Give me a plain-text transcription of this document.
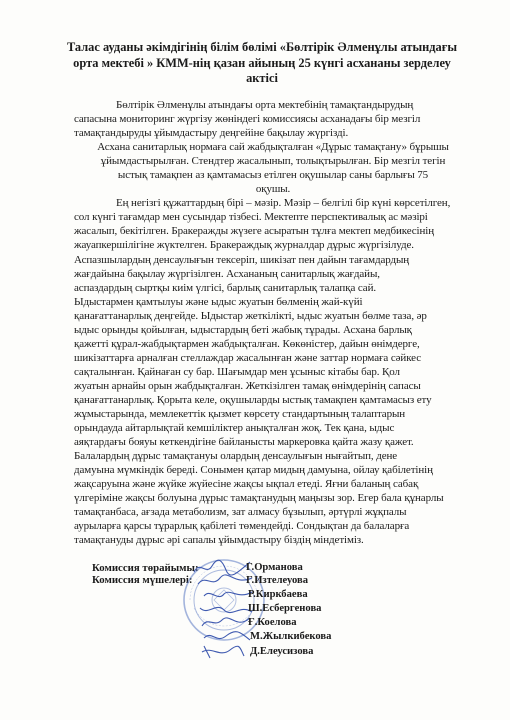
Талас ауданы әкімдігінің білім бөлімі «Бөлтірік Әлменұлы атындағы
орта мектебі » КММ-нің қазан айының 25 күнгі асхананы зерделеу
актісі

Бөлтірік Әлменұлы атындағы орта мектебінің тамақтандырудың
сапасына мониторинг жүргізу жөніндегі комиссиясы асханадағы бір мезгіл
тамақтандыруды ұйымдастыру деңгейіне бақылау жүргізді.

Асхана санитарлық нормаға сай жабдықталған «Дұрыс тамақтану» бұрышы
ұйымдастырылған. Стендтер жасалынып, толықтырылған. Бір мезгіл тегін
ыстық тамақпен аз қамтамасыз етілген оқушылар саны барлығы 75
оқушы.

Ең негізгі құжаттардың бірі – мәзір. Мәзір – белгілі бір күні көрсетілген,
сол күнгі тағамдар мен сусындар тізбесі. Мектепте перспективалық ас мәзірі
жасалып, бекітілген. Бракеражды жүзеге асыратын тұлға мектеп медбикесінің
жауапкершілігіне жүктелген. Бракераждық журналдар дұрыс жүргізілуде.
Аспазшылардың денсаулығын тексеріп, шикізат пен дайын тағамдардың
жағдайына бақылау жүргізілген. Асхананың санитарлық жағдайы,
аспаздардың сыртқы киім үлгісі, барлық санитарлық талапқа сай.
Ыдыстармен қамтылуы және ыдыс жуатын бөлменің жай-күйі
қанағаттанарлық деңгейде. Ыдыстар жеткілікті, ыдыс жуатын бөлме таза, әр
ыдыс орынды қойылған, ыдыстардың беті жабық тұрады. Асхана барлық
қажетті құрал-жабдықтармен жабдықталған. Көкөністер, дайын өнімдерге,
шикізаттарға арналған стеллаждар жасалынған және заттар нормаға сәйкес
сақталынған. Қайнаған су бар. Шағымдар мен ұсыныс кітабы бар. Қол
жуатын арнайы орын жабдықталған. Жеткізілген тамақ өнімдерінің сапасы
қанағаттанарлық. Қорыта келе, оқушыларды ыстық тамақпен қамтамасыз ету
жұмыстарында, мемлекеттік қызмет көрсету стандартының талаптарын
орындауда айтарлықтай кемшіліктер анықталған жоқ. Тек қана, ыдыс
аяқтардағы бояуы кеткендігіне байланысты маркеровка қайта жазу қажет.
Балалардың дұрыс тамақтануы олардың денсаулығын нығайтып, дене
дамуына мүмкіндік береді. Сонымен қатар мидың дамуына, ойлау қабілетінің
жақсаруына және жүйке жүйесіне жақсы ықпал етеді. Яғни баланың сабақ
үлгеріміне жақсы болуына дұрыс тамақтанудың маңызы зор. Егер бала құнарлы
тамақтанбаса, ағзада метаболизм, зат алмасу бұзылып, әртүрлі жұқпалы
аурыларға қарсы тұрарлық қабілеті төмендейді. Сондықтан да балаларға
тамақтануды дұрыс әрі сапалы ұйымдастыру біздің міндетіміз.

Комиссия төрайымы:
Комиссия мүшелері:
Г.Орманова
Г.Изтелеуова
Р.Киркбаева
Ш.Есбергенова
Ғ.Коелова
М.Жылкибекова
Д.Елеусизова
